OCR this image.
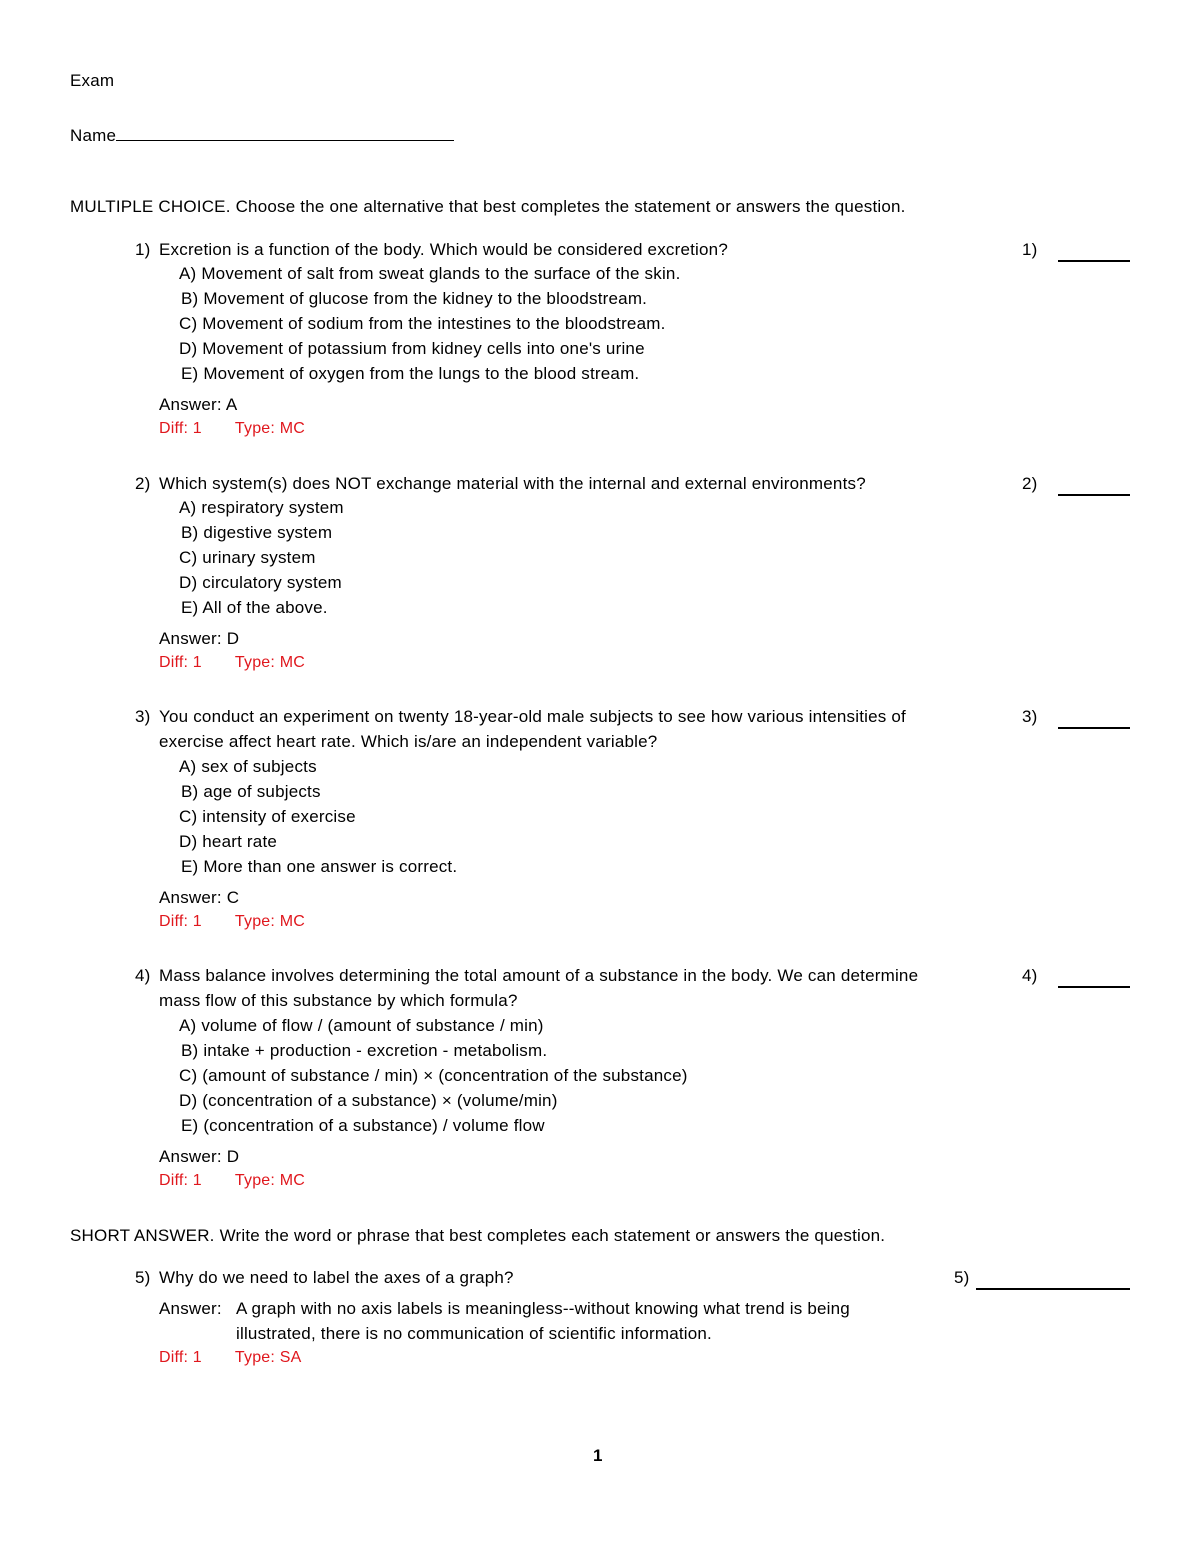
Exam
Name
MULTIPLE CHOICE. Choose the one alternative that best completes the statement or answers the question.
1) Excretion is a function of the body. Which would be considered excretion?	1)
A) Movement of salt from sweat glands to the surface of the skin.
B) Movement of glucose from the kidney to the bloodstream.
C) Movement of sodium from the intestines to the bloodstream.
D) Movement of potassium from kidney cells into one's urine
E) Movement of oxygen from the lungs to the blood stream.
Answer: A
Diff: 1 Type: MC
2) Which system(s) does NOT exchange material with the internal and external environments?	2)
A) respiratory system
B) digestive system
C) urinary system
D) circulatory system
E) All of the above.
Answer: D
Diff: 1 Type: MC
3) You conduct an experiment on twenty 18-year-old male subjects to see how various intensities of
exercise affect heart rate. Which is/are an independent variable?
3)
A) sex of subjects
B) age of subjects
C) intensity of exercise
D) heart rate
E) More than one answer is correct.
Answer: C
Diff: 1 Type: MC
4) Mass balance involves determining the total amount of a substance in the body. We can determine
mass flow of this substance by which formula?
4)
A) volume of flow / (amount of substance / min)
B) intake + production - excretion - metabolism.
C) (amount of substance / min) × (concentration of the substance)
D) (concentration of a substance) × (volume/min)
E) (concentration of a substance) / volume flow
Answer: D
Diff: 1 Type: MC
SHORT ANSWER. Write the word or phrase that best completes each statement or answers the question.
5) Why do we need to label the axes of a graph?	5)
Answer: A graph with no axis labels is meaningless--without knowing what trend is being
illustrated, there is no communication of scientific information.
Diff: 1 Type: SA
1
